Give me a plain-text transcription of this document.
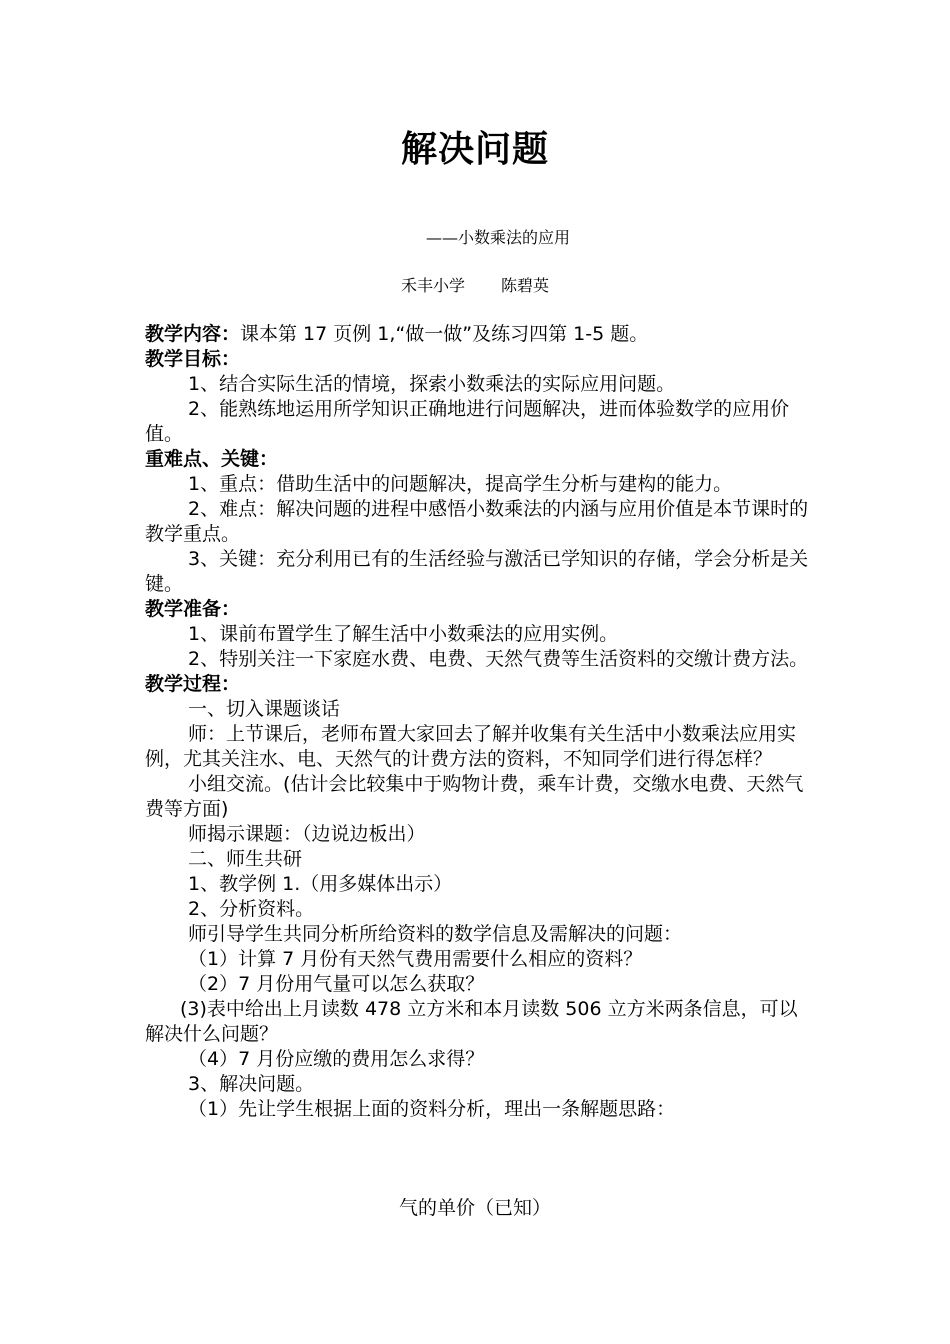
解决问题
——小数乘法的应用
禾丰小学 陈碧英

教学内容：课本第 17 页例 1,“做一做”及练习四第 1-5 题。

教学目标：

1、结合实际生活的情境，探索小数乘法的实际应用问题。

2、能熟练地运用所学知识正确地进行问题解决，进而体验数学的应用价值。

重难点、关键：

1、重点：借助生活中的问题解决，提高学生分析与建构的能力。

2、难点：解决问题的进程中感悟小数乘法的内涵与应用价值是本节课时的教学重点。

3、关键：充分利用已有的生活经验与激活已学知识的存储，学会分析是关键。

教学准备：

1、课前布置学生了解生活中小数乘法的应用实例。

2、特别关注一下家庭水费、电费、天然气费等生活资料的交缴计费方法。

教学过程：

一、切入课题谈话

师：上节课后，老师布置大家回去了解并收集有关生活中小数乘法应用实例，尤其关注水、电、天然气的计费方法的资料，不知同学们进行得怎样？

小组交流。(估计会比较集中于购物计费，乘车计费，交缴水电费、天然气费等方面)

师揭示课题：（边说边板出）

二、师生共研

1、教学例 1.（用多媒体出示）

2、分析资料。

师引导学生共同分析所给资料的数学信息及需解决的问题：

（1）计算 7 月份有天然气费用需要什么相应的资料？

（2）7 月份用气量可以怎么获取？

(3)表中给出上月读数 478 立方米和本月读数 506 立方米两条信息，可以解决什么问题？

（4）7 月份应缴的费用怎么求得？

3、解决问题。

（1）先让学生根据上面的资料分析，理出一条解题思路：

气的单价（已知）
